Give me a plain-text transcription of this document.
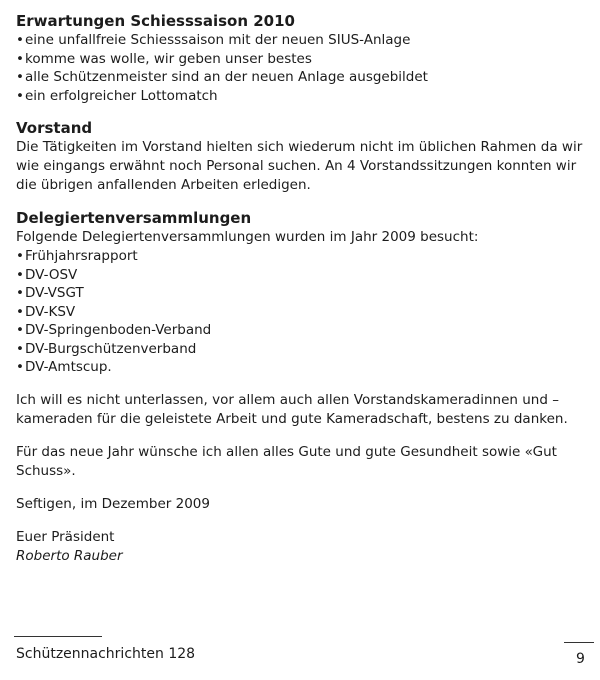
Erwartungen Schiesssaison 2010
• eine unfallfreie Schiesssaison mit der neuen SIUS-Anlage
• komme was wolle, wir geben unser bestes
• alle Schützenmeister sind an der neuen Anlage ausgebildet
• ein erfolgreicher Lottomatch
Vorstand

Die Tätigkeiten im Vorstand hielten sich wiederum nicht im üblichen Rahmen da wir
wie eingangs erwähnt noch Personal suchen. An 4 Vorstandssitzungen konnten wir
die übrigen anfallenden Arbeiten erledigen.

Delegiertenversammlungen

Folgende Delegiertenversammlungen wurden im Jahr 2009 besucht:

• Frühjahrsrapport
• DV-OSV
• DV-VSGT
• DV-KSV
• DV-Springenboden-Verband
• DV-Burgschützenverband
• DV-Amtscup.

Ich will es nicht unterlassen, vor allem auch allen Vorstandskameradinnen und –
kameraden für die geleistete Arbeit und gute Kameradschaft, bestens zu danken.

Für das neue Jahr wünsche ich allen alles Gute und gute Gesundheit sowie «Gut
Schuss».

Seftigen, im Dezember 2009

Euer Präsident

Roberto Rauber

Schützennachrichten 128	9
